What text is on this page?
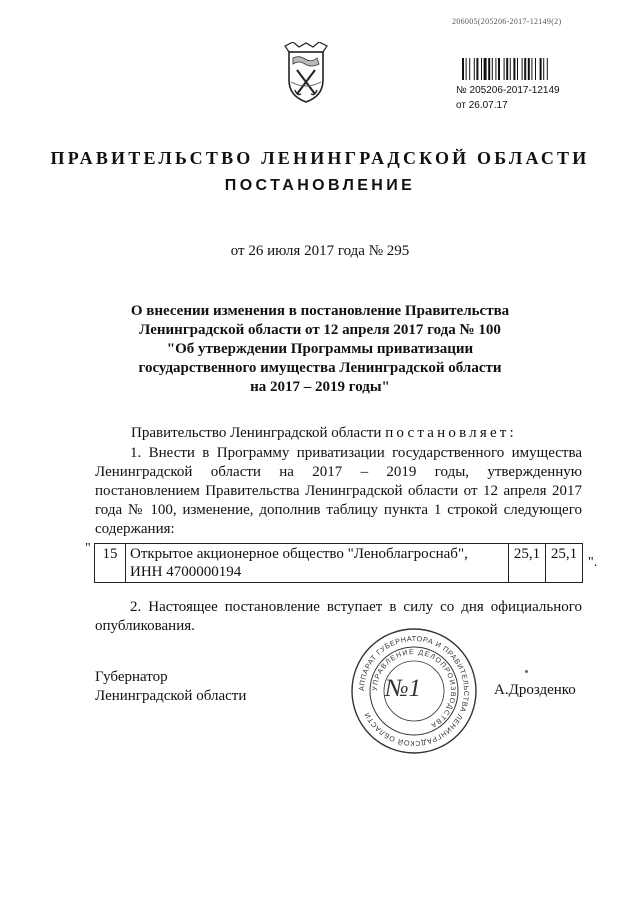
206005(205206-2017-12149(2)
№ 205206-2017-12149
от 26.07.17
ПРАВИТЕЛЬСТВО ЛЕНИНГРАДСКОЙ ОБЛАСТИ
ПОСТАНОВЛЕНИЕ
от 26 июля 2017 года № 295
О внесении изменения в постановление Правительства
Ленинградской области от 12 апреля 2017 года № 100
"Об утверждении Программы приватизации
государственного имущества Ленинградской области
на 2017 – 2019 годы"
Правительство Ленинградской области постановляет:
1. Внести в Программу приватизации государственного имущества Ленинградской области на 2017 – 2019 годы, утвержденную постановлением Правительства Ленинградской области от 12 апреля 2017 года № 100, изменение, дополнив таблицу пункта 1 строкой следующего содержания:
" 15	Открытое акционерное общество "Леноблагроснаб", ИНН 4700000194	25,1	25,1
".
2. Настоящее постановление вступает в силу со дня официального опубликования.
Губернатор
Ленинградской области	АППАРАТ ГУБЕРНАТОРА И ПРАВИТЕЛЬСТВА ЛЕНИНГРАДСКОЙ ОБЛАСТИ
УПРАВЛЕНИЕ ДЕЛОПРОИЗВОДСТВА
№1	А.Дрозденко
